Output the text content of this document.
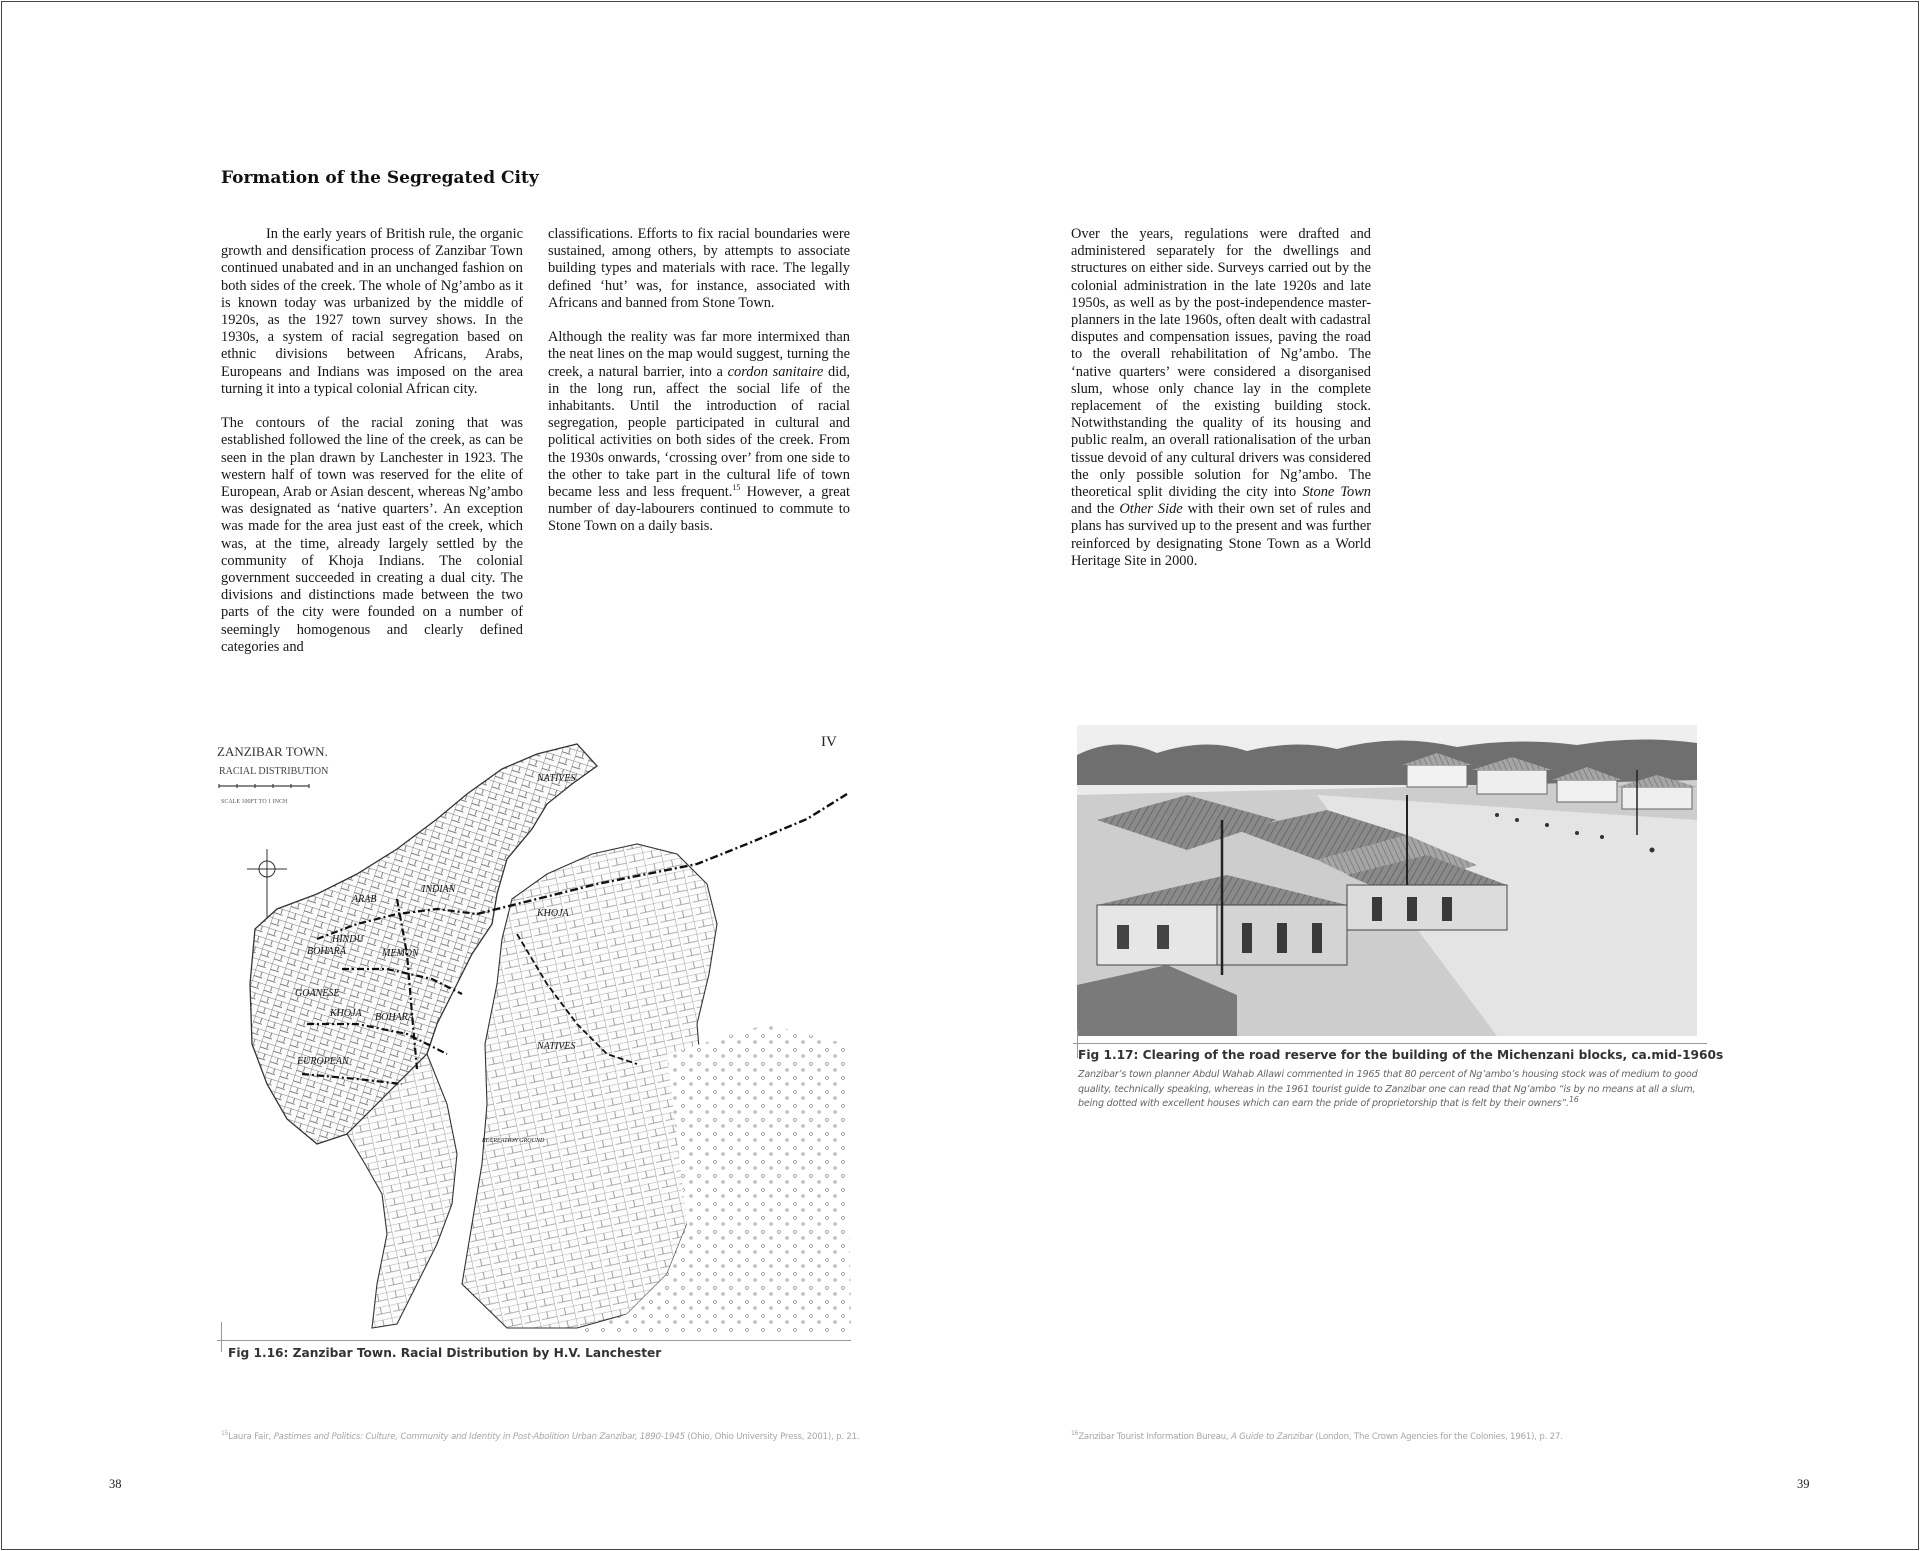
Formation of the Segregated City

In the early years of British rule, the organic growth and densification process of Zanzibar Town continued unabated and in an unchanged fashion on both sides of the creek. The whole of Ng’ambo as it is known today was urbanized by the middle of 1920s, as the 1927 town survey shows. In the 1930s, a system of racial segregation based on ethnic divisions between Africans, Arabs, Europeans and Indians was imposed on the area turning it into a typical colonial African city.

The contours of the racial zoning that was established followed the line of the creek, as can be seen in the plan drawn by Lanchester in 1923. The western half of town was reserved for the elite of European, Arab or Asian descent, whereas Ng’ambo was designated as ‘native quarters’. An exception was made for the area just east of the creek, which was, at the time, already largely settled by the community of Khoja Indians. The colonial government succeeded in creating a dual city. The divisions and distinctions made between the two parts of the city were founded on a number of seemingly homogenous and clearly defined categories and

classifications. Efforts to fix racial boundaries were sustained, among others, by attempts to associate building types and materials with race. The legally defined ‘hut’ was, for instance, associated with Africans and banned from Stone Town.

Although the reality was far more intermixed than the neat lines on the map would suggest, turning the creek, a natural barrier, into a cordon sanitaire did, in the long run, affect the social life of the inhabitants. Until the introduction of racial segregation, people participated in cultural and political activities on both sides of the creek. From the 1930s onwards, ‘crossing over’ from one side to the other to take part in the cultural life of town became less and less frequent.$^{15}$ However, a great number of day-labourers continued to commute to Stone Town on a daily basis.

Over the years, regulations were drafted and administered separately for the dwellings and structures on either side. Surveys carried out by the colonial administration in the late 1920s and late 1950s, as well as by the post-independence master-planners in the late 1960s, often dealt with cadastral disputes and compensation issues, paving the road to the overall rehabilitation of Ng’ambo. The ‘native quarters’ were considered a disorganised slum, whose only chance lay in the complete replacement of the existing building stock. Notwithstanding the quality of its housing and public realm, an overall rationalisation of the urban tissue devoid of any cultural drivers was considered the only possible solution for Ng’ambo. The theoretical split dividing the city into Stone Town and the Other Side with their own set of rules and plans has survived up to the present and was further reinforced by designating Stone Town as a World Heritage Site in 2000.

ZANZIBAR TOWN.
RACIAL DISTRIBUTION
SCALE 100FT TO 1 INCH
IV
NATIVES
ARAB
INDIAN
HINDU
BOHARA	MEMON
KHOJA
GOANESE
KHOJA BOHARA
NATIVES
EUROPEAN
RECREATION GROUND

Fig 1.16: Zanzibar Town. Racial Distribution by H.V. Lanchester

Fig 1.17: Clearing of the road reserve for the building of the Michenzani blocks, ca.mid-1960s

Zanzibar’s town planner Abdul Wahab Allawi commented in 1965 that 80 percent of Ng’ambo’s housing stock was of medium to good quality, technically speaking, whereas in the 1961 tourist guide to Zanzibar one can read that Ng’ambo “is by no means at all a slum, being dotted with excellent houses which can earn the pride of proprietorship that is felt by their owners”.$^{16}$

$^{15}$Laura Fair, Pastimes and Politics: Culture, Community and Identity in Post-Abolition Urban Zanzibar, 1890-1945 (Ohio, Ohio University Press, 2001), p. 21.	$^{16}$Zanzibar Tourist Information Bureau, A Guide to Zanzibar (London, The Crown Agencies for the Colonies, 1961), p. 27.

38	39
